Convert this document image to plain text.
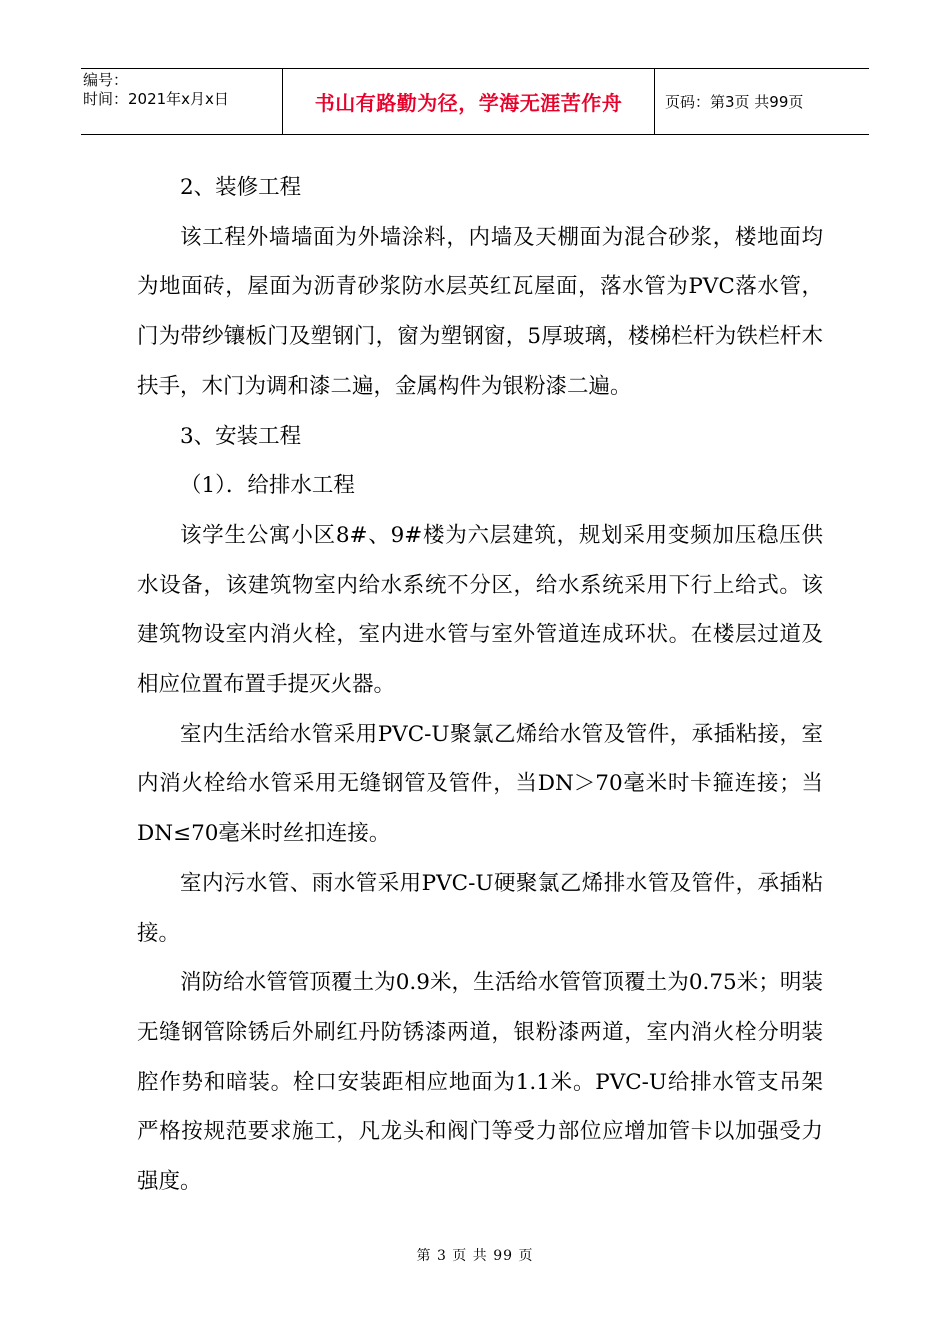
编号：
时间：2021年x月x日	书山有路勤为径，学海无涯苦作舟	页码：第3页 共99页

2、装修工程

该工程外墙墙面为外墙涂料，内墙及天棚面为混合砂浆，楼地面均为地面砖，屋面为沥青砂浆防水层英红瓦屋面，落水管为PVC落水管，门为带纱镶板门及塑钢门，窗为塑钢窗，5厚玻璃，楼梯栏杆为铁栏杆木扶手，木门为调和漆二遍，金属构件为银粉漆二遍。

3、安装工程

（1）．给排水工程

该学生公寓小区8#、9#楼为六层建筑，规划采用变频加压稳压供水设备，该建筑物室内给水系统不分区，给水系统采用下行上给式。该建筑物设室内消火栓，室内进水管与室外管道连成环状。在楼层过道及相应位置布置手提灭火器。

室内生活给水管采用PVC-U聚氯乙烯给水管及管件，承插粘接，室内消火栓给水管采用无缝钢管及管件，当DN＞70毫米时卡箍连接；当DN≤70毫米时丝扣连接。

室内污水管、雨水管采用PVC-U硬聚氯乙烯排水管及管件，承插粘接。

消防给水管管顶覆土为0.9米，生活给水管管顶覆土为0.75米；明装无缝钢管除锈后外刷红丹防锈漆两道，银粉漆两道，室内消火栓分明装腔作势和暗装。栓口安装距相应地面为1.1米。PVC-U给排水管支吊架严格按规范要求施工，凡龙头和阀门等受力部位应增加管卡以加强受力强度。

第 3 页 共 99 页
